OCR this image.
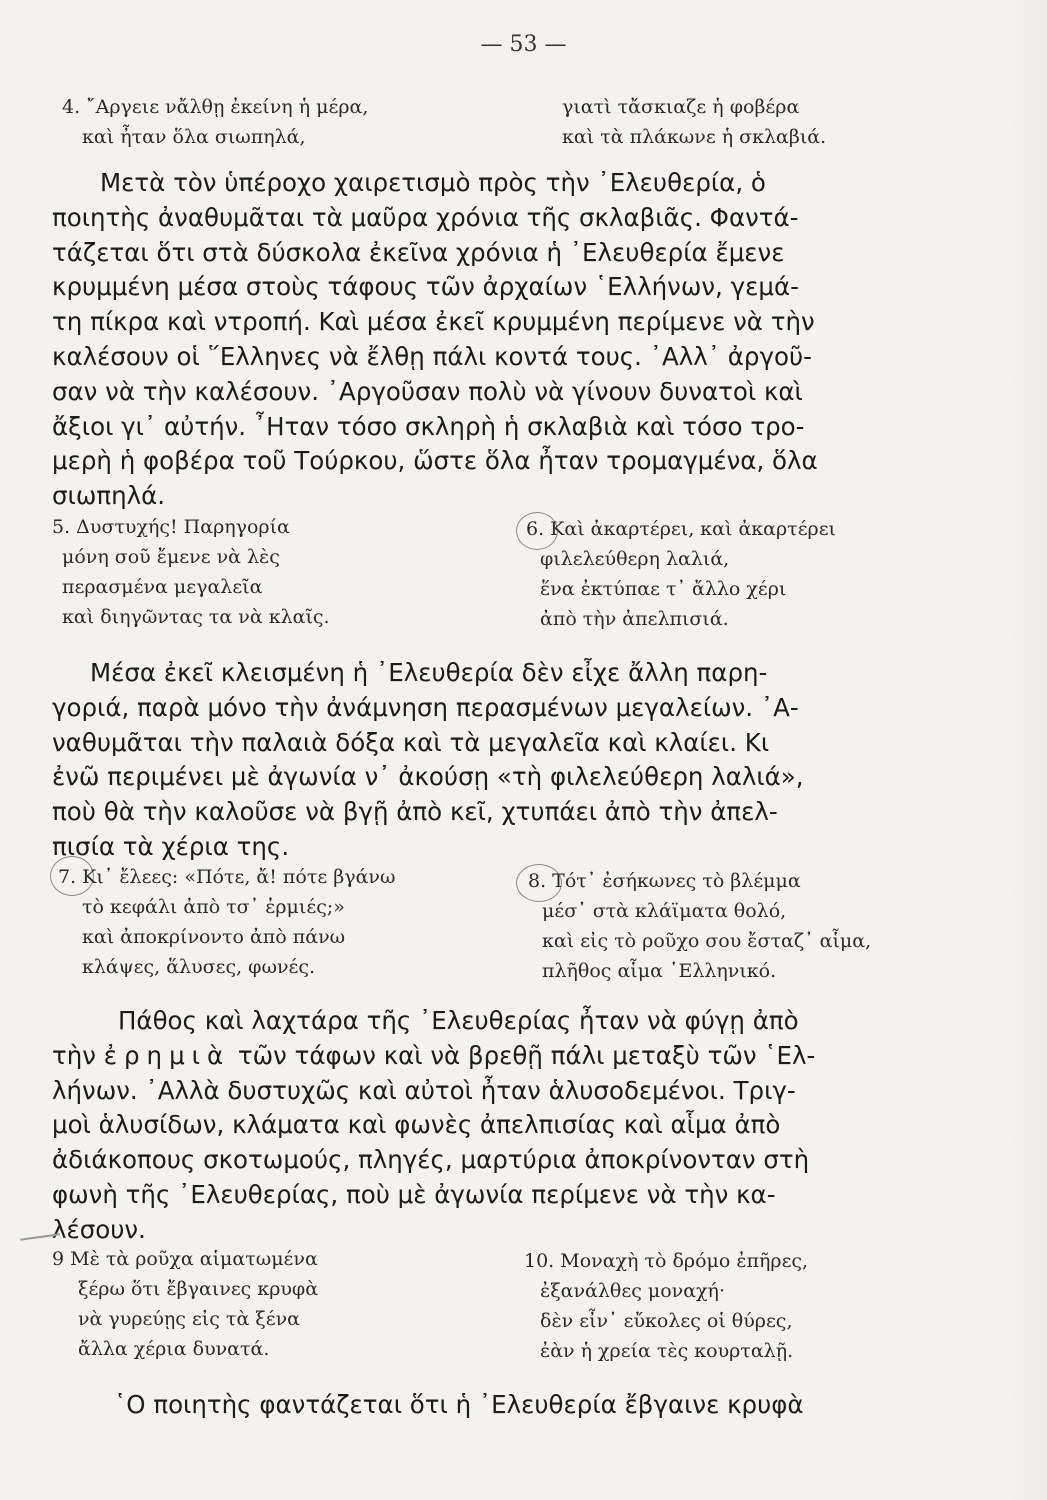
— 53 —
4. ῎Αργειε νἄλθῃ ἐκείνη ἡ μέρα,
καὶ ἦταν ὅλα σιωπηλά,
γιατὶ τἄσκιαζε ἡ φοβέρα
καὶ τὰ πλάκωνε ἡ σκλαβιά.
Μετὰ τὸν ὑπέροχο χαιρετισμὸ πρὸς τὴν ᾿Ελευθερία, ὁ
ποιητὴς ἀναθυμᾶται τὰ μαῦρα χρόνια τῆς σκλαβιᾶς. Φαντά-
τάζεται ὅτι στὰ δύσκολα ἐκεῖνα χρόνια ἡ ᾿Ελευθερία ἔμενε
κρυμμένη μέσα στοὺς τάφους τῶν ἀρχαίων ῾Ελλήνων, γεμά-
τη πίκρα καὶ ντροπή. Καὶ μέσα ἐκεῖ κρυμμένη περίμενε νὰ τὴν
καλέσουν οἱ ῞Ελληνες νὰ ἔλθῃ πάλι κοντά τους. ᾿Αλλ᾿ ἀργοῦ-
σαν νὰ τὴν καλέσουν. ᾿Αργοῦσαν πολὺ νὰ γίνουν δυνατοὶ καὶ
ἄξιοι γι᾿ αὐτήν. ῏Ηταν τόσο σκληρὴ ἡ σκλαβιὰ καὶ τόσο τρο-
μερὴ ἡ φοβέρα τοῦ Τούρκου, ὥστε ὅλα ἦταν τρομαγμένα, ὅλα
σιωπηλά.
5. Δυστυχής! Παρηγορία
μόνη σοῦ ἔμενε νὰ λὲς
περασμένα μεγαλεῖα
καὶ διηγῶντας τα νὰ κλαῖς.
6. Καὶ ἀκαρτέρει, καὶ ἀκαρτέρει
φιλελεύθερη λαλιά,
ἕνα ἐκτύπαε τ᾿ ἄλλο χέρι
ἀπὸ τὴν ἀπελπισιά.
Μέσα ἐκεῖ κλεισμένη ἡ ᾿Ελευθερία δὲν εἶχε ἄλλη παρη-
γοριά, παρὰ μόνο τὴν ἀνάμνηση περασμένων μεγαλείων. ᾿Α-
ναθυμᾶται τὴν παλαιὰ δόξα καὶ τὰ μεγαλεῖα καὶ κλαίει. Κι
ἐνῶ περιμένει μὲ ἀγωνία ν᾿ ἀκούσῃ «τὴ φιλελεύθερη λαλιά»,
ποὺ θὰ τὴν καλοῦσε νὰ βγῇ ἀπὸ κεῖ, χτυπάει ἀπὸ τὴν ἀπελ-
πισία τὰ χέρια της.
7. Κι᾿ ἔλεες: «Πότε, ἄ! πότε βγάνω
τὸ κεφάλι ἀπὸ τσ᾿ ἐρμιές;»
καὶ ἀποκρίνοντο ἀπὸ πάνω
κλάψες, ἅλυσες, φωνές.
8. Τότ᾿ ἐσήκωνες τὸ βλέμμα
μέσ᾿ στὰ κλάϊματα θολό,
καὶ εἰς τὸ ροῦχο σου ἔσταζ᾿ αἷμα,
πλῆθος αἷμα ῾Ελληνικό.
Πάθος καὶ λαχτάρα τῆς ᾿Ελευθερίας ἦταν νὰ φύγῃ ἀπὸ
τὴν ἐρημιὰ τῶν τάφων καὶ νὰ βρεθῇ πάλι μεταξὺ τῶν ῾Ελ-
λήνων. ᾿Αλλὰ δυστυχῶς καὶ αὐτοὶ ἦταν ἁλυσοδεμένοι. Τριγ-
μοὶ ἁλυσίδων, κλάματα καὶ φωνὲς ἀπελπισίας καὶ αἷμα ἀπὸ
ἀδιάκοπους σκοτωμούς, πληγές, μαρτύρια ἀποκρίνονταν στὴ
φωνὴ τῆς ᾿Ελευθερίας, ποὺ μὲ ἀγωνία περίμενε νὰ τὴν κα-
λέσουν.
9 Μὲ τὰ ροῦχα αἱματωμένα
ξέρω ὅτι ἔβγαινες κρυφὰ
νὰ γυρεύῃς εἰς τὰ ξένα
ἄλλα χέρια δυνατά.
10. Μοναχὴ τὸ δρόμο ἐπῆρες,
ἐξανάλθες μοναχή·
δὲν εἶν᾿ εὔκολες οἱ θύρες,
ἐὰν ἡ χρεία τὲς κουρταλῇ.
῾Ο ποιητὴς φαντάζεται ὅτι ἡ ᾿Ελευθερία ἔβγαινε κρυφὰ
